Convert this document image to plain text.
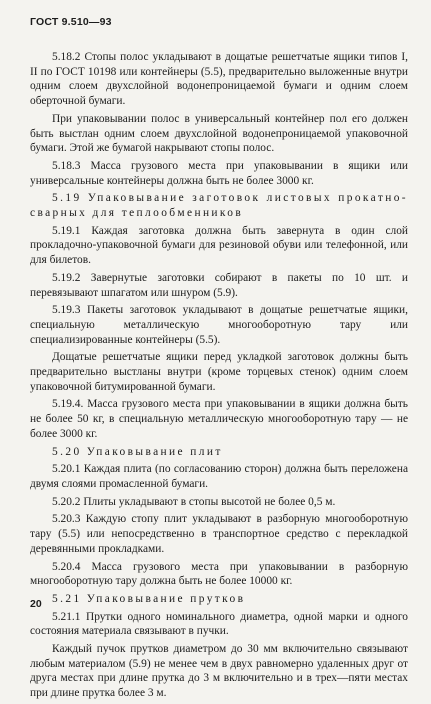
ГОСТ 9.510—93

5.18.2 Стопы полос укладывают в дощатые решетчатые ящики типов I, II по ГОСТ 10198 или контейнеры (5.5), предварительно выложенные внутри одним слоем двухслойной водонепроницаемой бумаги и одним слоем оберточной бумаги.

При упаковывании полос в универсальный контейнер пол его должен быть выстлан одним слоем двухслойной водонепроницаемой упаковочной бумаги. Этой же бумагой накрывают стопы полос.

5.18.3 Масса грузового места при упаковывании в ящики или универсальные контейнеры должна быть не более 3000 кг.

5.19 Упаковывание заготовок листовых прокатно-сварных для теплообменников

5.19.1 Каждая заготовка должна быть завернута в один слой прокладочно-упаковочной бумаги для резиновой обуви или телефонной, или для билетов.

5.19.2 Завернутые заготовки собирают в пакеты по 10 шт. и перевязывают шпагатом или шнуром (5.9).

5.19.3 Пакеты заготовок укладывают в дощатые решетчатые ящики, специальную металлическую многооборотную тару или специализированные контейнеры (5.5).

Дощатые решетчатые ящики перед укладкой заготовок должны быть предварительно выстланы внутри (кроме торцевых стенок) одним слоем упаковочной битумированной бумаги.

5.19.4. Масса грузового места при упаковывании в ящики должна быть не более 50 кг, в специальную металлическую многооборотную тару — не более 3000 кг.

5.20 Упаковывание плит

5.20.1 Каждая плита (по согласованию сторон) должна быть переложена двумя слоями промасленной бумаги.

5.20.2 Плиты укладывают в стопы высотой не более 0,5 м.

5.20.3 Каждую стопу плит укладывают в разборную многооборотную тару (5.5) или непосредственно в транспортное средство с перекладкой деревянными прокладками.

5.20.4 Масса грузового места при упаковывании в разборную многооборотную тару должна быть не более 10000 кг.

5.21 Упаковывание прутков

5.21.1 Прутки одного номинального диаметра, одной марки и одного состояния материала связывают в пучки.

Каждый пучок прутков диаметром до 30 мм включительно связывают любым материалом (5.9) не менее чем в двух равномерно удаленных друг от друга местах при длине прутка до 3 м включительно и в трех—пяти местах при длине прутка более 3 м.

20
